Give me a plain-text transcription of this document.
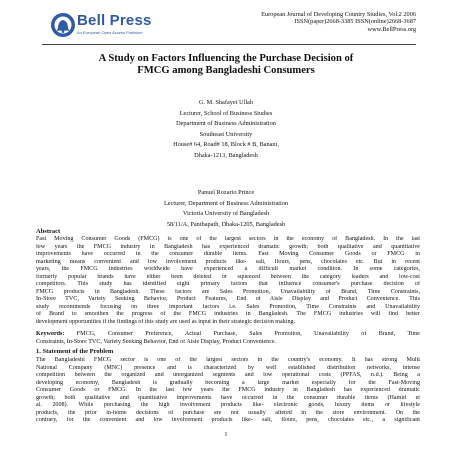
Bell Press
An European Open Access Publisher
European Journal of Developing Country Studies, Vol.2 2006
ISSN(paper)2668-3385 ISSN(online)2668-3687
www.BellPress.org
A Study on Factors Influencing the Purchase Decision of
FMCG among Bangladeshi Consumers
G. M. Shafayet Ullah
Lecturer, School of Business Studies
Department of Business Administration
Southeast University
House# 64, Road# 18, Block # B, Banani,
Dhaka-1213, Bangladesh
Panuel Rozario Prince
Lecturer, Department of Business Administration
Victoria University of Bangladesh
58/11/A, Panthapath, Dhaka-1205, Bangladesh
Abstract
Fast Moving Consumer Goods (FMCG) is one of the largest sectors in the economy of Bangladesh. In the last
few years the FMCG industry in Bangladesh has experienced dramatic growth; both qualitative and quantitative
improvements have occurred in the consumer durable items. Fast Moving Consumer Goods or FMCG in
marketing means convenient and low involvement products like- salt, flours, pens, chocolates etc. But in recent
years, the FMCG industries worldwide have experienced a difficult market condition. In some categories,
formerly popular brands have either been deleted or squeezed between the category leaders and low-cost
competitors. This study has identified eight primary factors that influence consumer's purchase decision of
FMCG products in Bangladesh. These factors are Sales Promotion, Unavailability of Brand, Time Constraints,
In-Store TVC, Variety Seeking Behavior, Product Features, End of Aisle Display and Product Convenience. This
study recommends focusing on three important factors i.e. Sales Promotion, Time Constraints and Unavailability
of Brand to smoothen the progress of the FMCG industries in Bangladesh. The FMCG industries will find better
development opportunities if the findings of this study are used as input in their strategic decision making.
Keywords: FMCG, Consumer Preference, Actual Purchase, Sales Promotion, Unavailability of Brand, Time
Constraints, In-Store TVC, Variety Seeking Behavior, End of Aisle Display, Product Convenience.
1. Statement of the Problem
The Bangladeshi FMCG sector is one of the largest sectors in the country's economy. It has strong Multi
National Company (MNC) presence and is characterized by well established distribution networks, intense
competition between the organized and unorganized segments and low operational costs (PPFAS, n.d.). Being a
developing economy, Bangladesh is gradually becoming a large market especially for the Fast-Moving
Consumer Goods or FMCG. In the last few years the FMCG industry in Bangladesh has experienced dramatic
growth; both qualitative and quantitative improvements have occurred in the consumer durable items (Hamid et
al. 2008). While purchasing the high involvement products like- electronic goods, luxury items or lifestyle
products, the prior in-home decisions of purchase are not usually altered in the store environment. On the
contrary, for the convenient and low involvement products like- salt, flours, pens, chocolates etc., a significant
1
